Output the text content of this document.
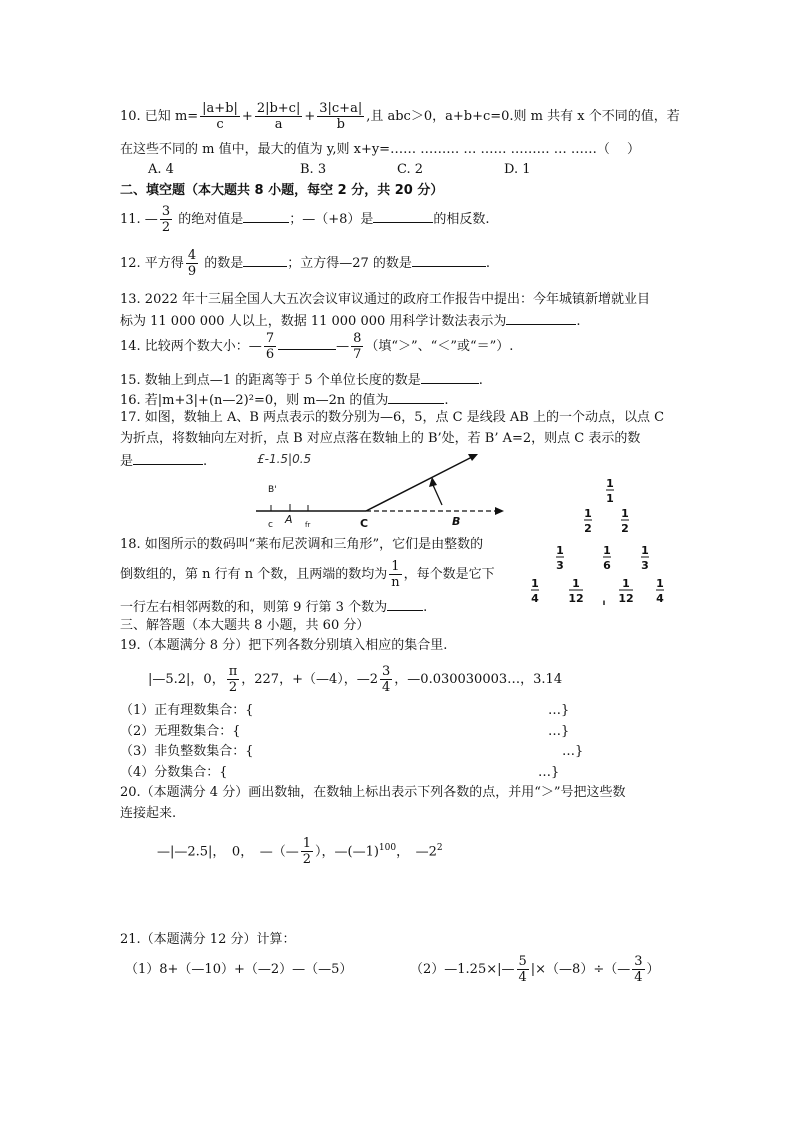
10. 已知 $m= \frac{|a+b|}{c} + \frac{2|b+c|}{a} + \frac{3|c+a|}{b}$ ,且 abc＞0，a+b+c=0.则 m 共有 x 个不同的值，若
在这些不同的 m 值中，最大的值为 y,则 x+y=…… ……… … …… ……… … ……（　 ）
A. 4	B. 3	C. 2	D. 1
二、填空题（本大题共 8 小题，每空 2 分，共 20 分）
11. — $\frac{3}{2}$ 的绝对值是	；—（+8）是	的相反数.
12. 平方得 $\frac{4}{9}$ 的数是	；立方得—27 的数是	.
13. 2022 年十三届全国人大五次会议审议通过的政府工作报告中提出：今年城镇新增就业目
标为 11 000 000 人以上，数据 11 000 000 用科学计数法表示为	.
14. 比较两个数大小：— $\frac{7}{6}$	— $\frac{8}{7}$ （填“＞”、“＜”或“＝”）.
15. 数轴上到点—1 的距离等于 5 个单位长度的数是	.
16. 若|m+3|+(n—2)²=0，则 m—2n 的值为	.
17. 如图，数轴上 A、B 两点表示的数分别为—6，5，点 C 是线段 AB 上的一个动点，以点 C
为折点，将数轴向左对折，点 B 对应点落在数轴上的 B’处，若 B’ A=2，则点 C 表示的数
是	.	£-1.5|0.5
B'
c A fr	C	B
18. 如图所示的数码叫“莱布尼茨调和三角形”，它们是由整数的
倒数组的，第 n 行有 n 个数，且两端的数均为 $\frac{1}{n}$ ，每个数是它下
一行左右相邻两数的和，则第 9 行第 3 个数为	.
1
1
1
2
1
2
1
3
1
6
1
3
1
4
1
12 ı
1
12
1
4
三、解答题（本大题共 8 小题，共 60 分）
19.（本题满分 8 分）把下列各数分别填入相应的集合里.
|—5.2|，0， $\frac{\pi}{2}$ ，227，+（—4），—2 $\frac{3}{4}$ ，—0.030030003…，3.14
（1）正有理数集合：{	…}
（2）无理数集合：{	…}
（3）非负整数集合：{	…}
（4）分数集合：{	…}
20.（本题满分 4 分）画出数轴，在数轴上标出表示下列各数的点，并用“＞”号把这些数
连接起来.
—|—2.5|，　0，　—（— $\frac{1}{2}$ ），—(—1)$^{100}$，　$—2^2$
21.（本题满分 12 分）计算：
（1）8+（—10）+（—2）—（—5）	（2）—1.25×|— $\frac{5}{4}$ |×（—8）÷（— $\frac{3}{4}$ ）
